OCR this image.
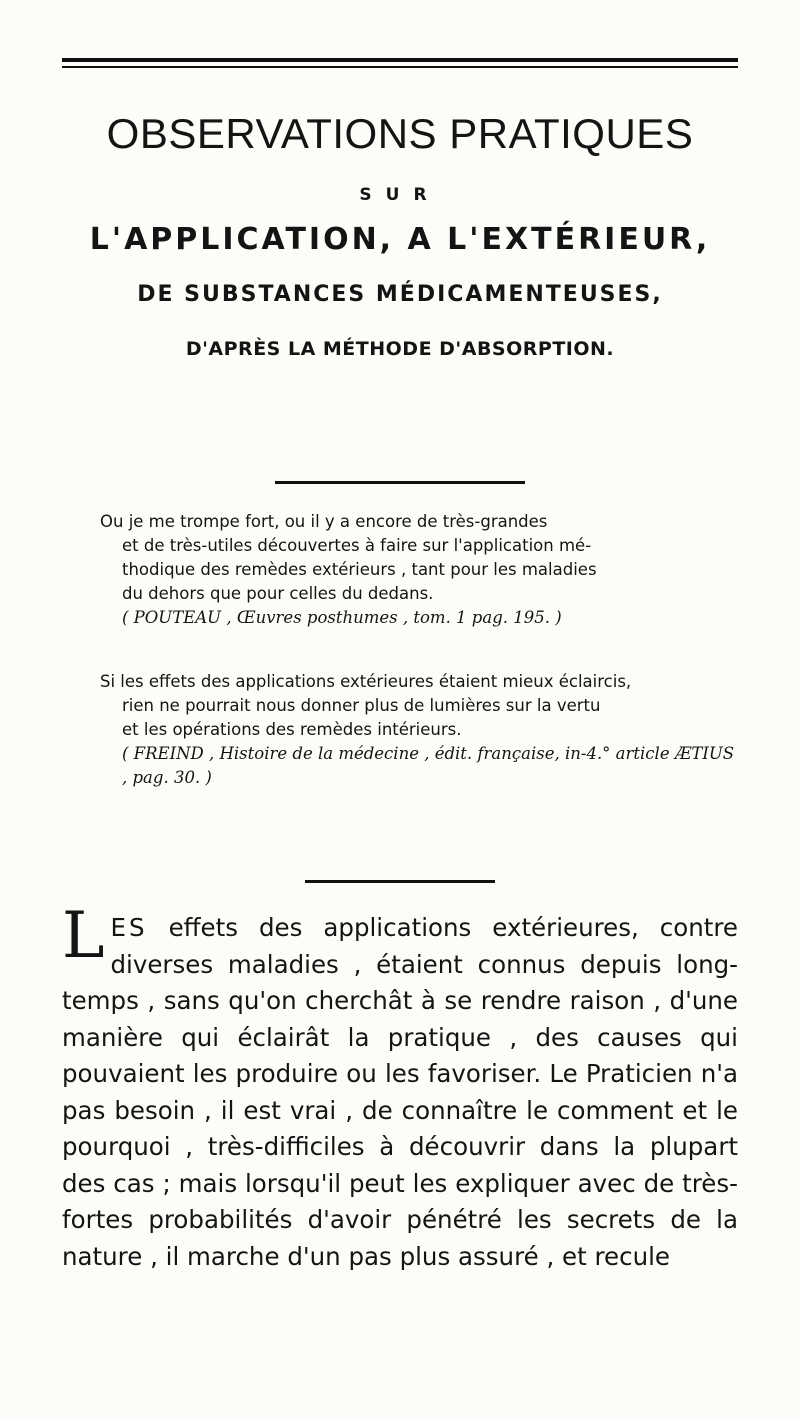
OBSERVATIONS PRATIQUES
SUR
L'APPLICATION, A L'EXTÉRIEUR,
DE SUBSTANCES MÉDICAMENTEUSES,
D'APRÈS LA MÉTHODE D'ABSORPTION.
Ou je me trompe fort, ou il y a encore de très-grandes
et de très-utiles découvertes à faire sur l'application mé-
thodique des remèdes extérieurs , tant pour les maladies
du dehors que pour celles du dedans.
( POUTEAU , Œuvres posthumes , tom. 1 pag. 195. )
Si les effets des applications extérieures étaient mieux éclaircis,
rien ne pourrait nous donner plus de lumières sur la vertu
et les opérations des remèdes intérieurs.
( FREIND , Histoire de la médecine , édit. française, in-4.° article ÆTIUS , pag. 30. )
LES effets des applications extérieures, contre diverses maladies , étaient connus depuis long-temps , sans qu'on cherchât à se rendre raison , d'une manière qui éclairât la pratique , des causes qui pouvaient les produire ou les favoriser. Le Praticien n'a pas besoin , il est vrai , de connaître le comment et le pourquoi , très-difficiles à découvrir dans la plupart des cas ; mais lorsqu'il peut les expliquer avec de très-fortes probabilités d'avoir pénétré les secrets de la nature , il marche d'un pas plus assuré , et recule
